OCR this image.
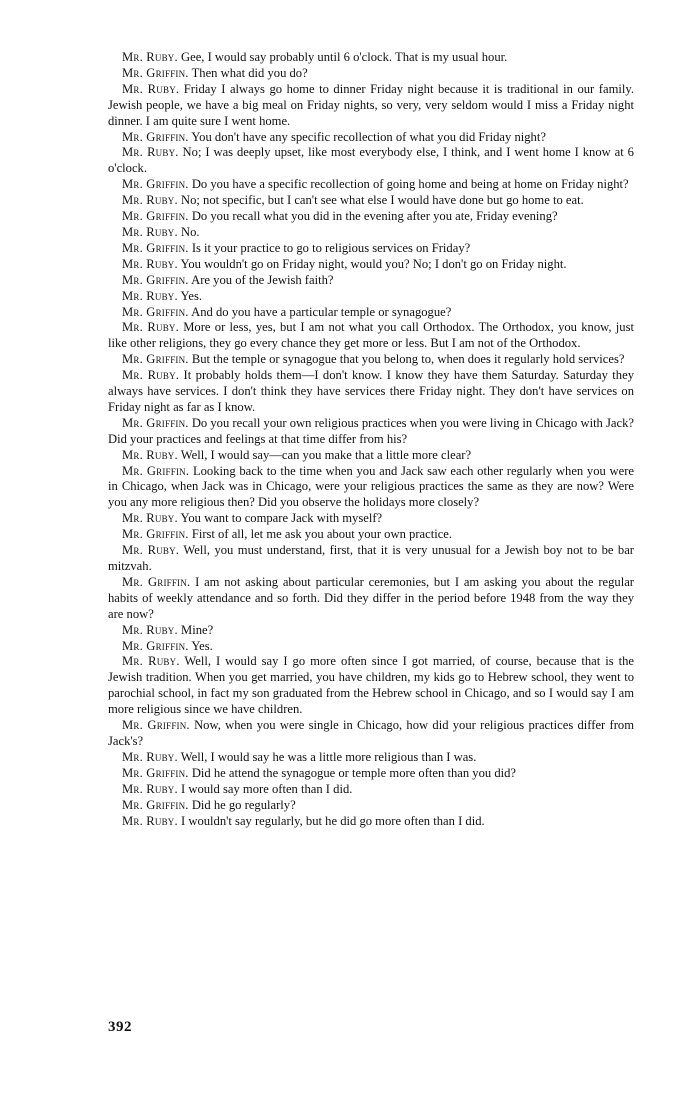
Mr. Ruby. Gee, I would say probably until 6 o'clock. That is my usual hour.

Mr. Griffin. Then what did you do?

Mr. Ruby. Friday I always go home to dinner Friday night because it is traditional in our family. Jewish people, we have a big meal on Friday nights, so very, very seldom would I miss a Friday night dinner. I am quite sure I went home.

Mr. Griffin. You don't have any specific recollection of what you did Friday night?

Mr. Ruby. No; I was deeply upset, like most everybody else, I think, and I went home I know at 6 o'clock.

Mr. Griffin. Do you have a specific recollection of going home and being at home on Friday night?

Mr. Ruby. No; not specific, but I can't see what else I would have done but go home to eat.

Mr. Griffin. Do you recall what you did in the evening after you ate, Friday evening?

Mr. Ruby. No.

Mr. Griffin. Is it your practice to go to religious services on Friday?

Mr. Ruby. You wouldn't go on Friday night, would you? No; I don't go on Friday night.

Mr. Griffin. Are you of the Jewish faith?

Mr. Ruby. Yes.

Mr. Griffin. And do you have a particular temple or synagogue?

Mr. Ruby. More or less, yes, but I am not what you call Orthodox. The Orthodox, you know, just like other religions, they go every chance they get more or less. But I am not of the Orthodox.

Mr. Griffin. But the temple or synagogue that you belong to, when does it regularly hold services?

Mr. Ruby. It probably holds them—I don't know. I know they have them Saturday. Saturday they always have services. I don't think they have services there Friday night. They don't have services on Friday night as far as I know.

Mr. Griffin. Do you recall your own religious practices when you were living in Chicago with Jack? Did your practices and feelings at that time differ from his?

Mr. Ruby. Well, I would say—can you make that a little more clear?

Mr. Griffin. Looking back to the time when you and Jack saw each other regularly when you were in Chicago, when Jack was in Chicago, were your religious practices the same as they are now? Were you any more religious then? Did you observe the holidays more closely?

Mr. Ruby. You want to compare Jack with myself?

Mr. Griffin. First of all, let me ask you about your own practice.

Mr. Ruby. Well, you must understand, first, that it is very unusual for a Jewish boy not to be bar mitzvah.

Mr. Griffin. I am not asking about particular ceremonies, but I am asking you about the regular habits of weekly attendance and so forth. Did they differ in the period before 1948 from the way they are now?

Mr. Ruby. Mine?

Mr. Griffin. Yes.

Mr. Ruby. Well, I would say I go more often since I got married, of course, because that is the Jewish tradition. When you get married, you have children, my kids go to Hebrew school, they went to parochial school, in fact my son graduated from the Hebrew school in Chicago, and so I would say I am more religious since we have children.

Mr. Griffin. Now, when you were single in Chicago, how did your religious practices differ from Jack's?

Mr. Ruby. Well, I would say he was a little more religious than I was.

Mr. Griffin. Did he attend the synagogue or temple more often than you did?

Mr. Ruby. I would say more often than I did.

Mr. Griffin. Did he go regularly?

Mr. Ruby. I wouldn't say regularly, but he did go more often than I did.

392
